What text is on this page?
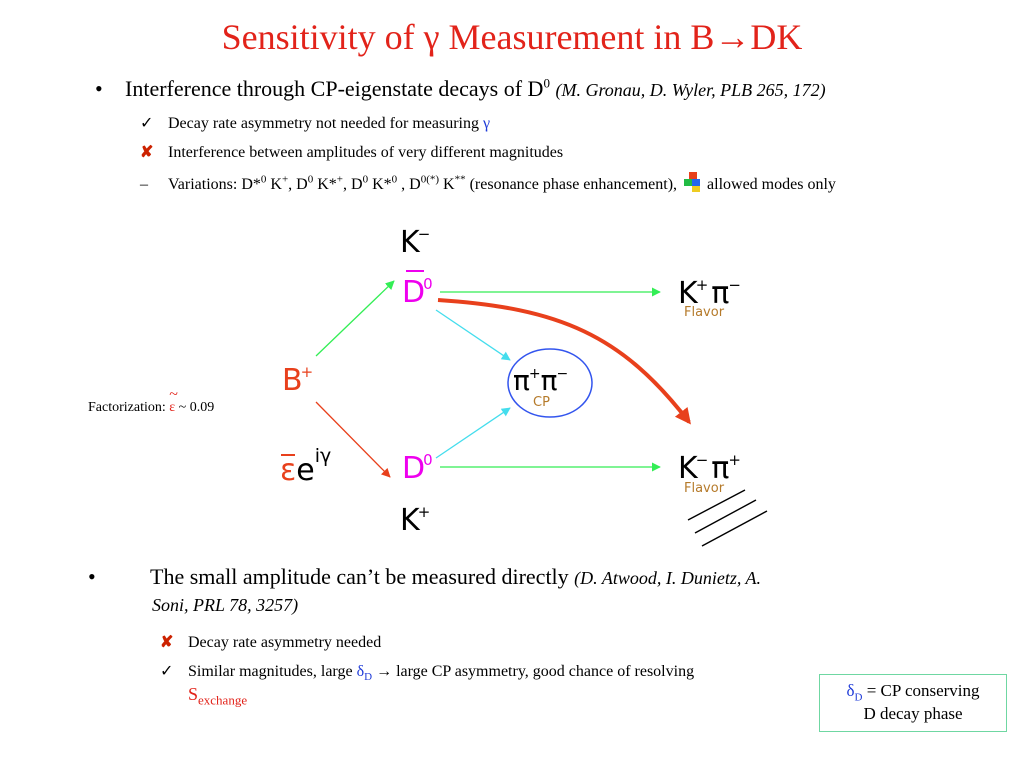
Sensitivity of γ Measurement in B→DK
• Interference through CP-eigenstate decays of $D^0$ (M. Gronau, D. Wyler, PLB 265, 172)
✓ Decay rate asymmetry not needed for measuring γ
✘ Interference between amplitudes of very different magnitudes
– Variations: D*$^0$ K+, $D^0$ K*+, $D^0$ K*$^0$ , $D^{0(*)}$ K** (resonance phase enhancement), allowed modes only
K−
D0
B+
$\varepsilon e^{i\gamma}$ D0
K+
K+ π−
Flavor
K− π+
Flavor
π+π−
CP
Factorization:
~
ε ~ 0.09
• The small amplitude can’t be measured directly (D. Atwood, I. Dunietz, A. Soni, PRL 78, 3257)
✘ Decay rate asymmetry needed
✓ Similar magnitudes, large $\delta_D$ → large CP asymmetry, good chance of resolving
$S_{exchange}$
$\delta_D$ = CP conserving
D decay phase
